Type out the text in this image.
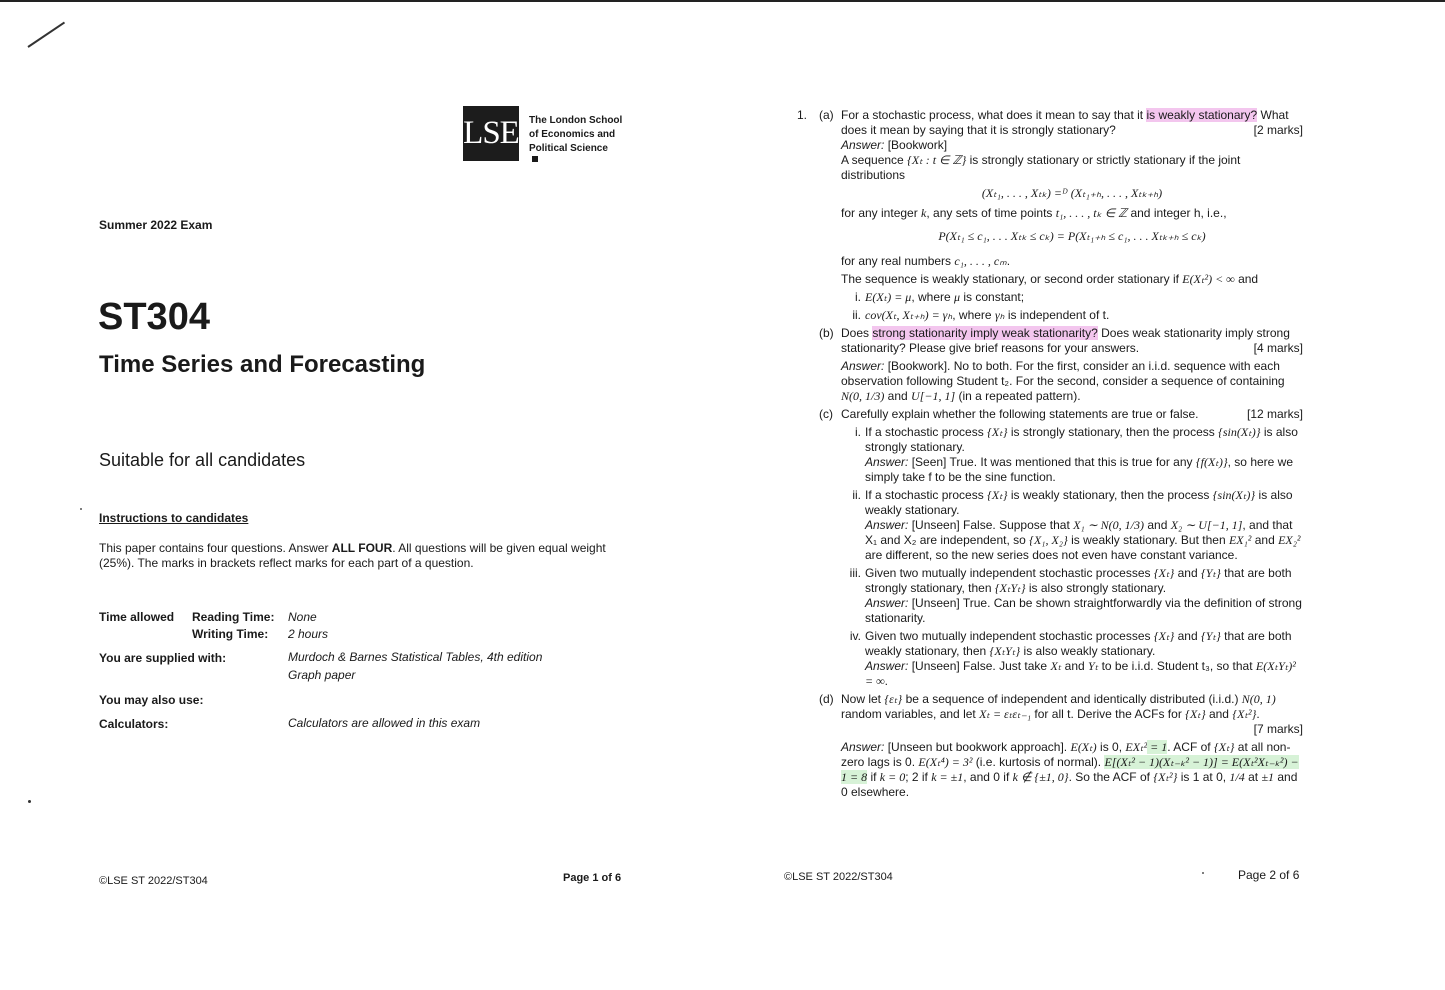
LSE The London School
of Economics and
Political Science
Summer 2022 Exam
ST304
Time Series and Forecasting
Suitable for all candidates
Instructions to candidates
This paper contains four questions. Answer ALL FOUR. All questions will be given equal weight (25%). The marks in brackets reflect marks for each part of a question.
Time allowed Reading Time: None
Writing Time: 2 hours
You are supplied with:	Murdoch & Barnes Statistical Tables, 4th edition
Graph paper
You may also use:
Calculators:	Calculators are allowed in this exam
©LSE ST 2022/ST304	Page 1 of 6
1. (a) For a stochastic process, what does it mean to say that it is weakly stationary? What does it mean by saying that it is strongly stationary?	[2 marks]
Answer: [Bookwork]
A sequence {Xₜ : t ∈ ℤ} is strongly stationary or strictly stationary if the joint distributions
(Xₜ₁, . . . , Xₜₖ) =ᴰ (Xₜ₁₊ₕ, . . . , Xₜₖ₊ₕ)
for any integer k, any sets of time points t₁, . . . , tₖ ∈ ℤ and integer h, i.e.,
P(Xₜ₁ ≤ c₁, . . . Xₜₖ ≤ cₖ) = P(Xₜ₁₊ₕ ≤ c₁, . . . Xₜₖ₊ₕ ≤ cₖ)
for any real numbers c₁, . . . , cₘ.
The sequence is weakly stationary, or second order stationary if E(Xₜ²) < ∞ and
i. E(Xₜ) = μ, where μ is constant;
ii. cov(Xₜ, Xₜ₊ₕ) = γₕ, where γₕ is independent of t.
(b) Does strong stationarity imply weak stationarity? Does weak stationarity imply strong stationarity? Please give brief reasons for your answers.	[4 marks]
Answer: [Bookwork]. No to both. For the first, consider an i.i.d. sequence with each observation following Student t₂. For the second, consider a sequence of containing N(0, 1/3) and U[−1, 1] (in a repeated pattern).
(c) Carefully explain whether the following statements are true or false.	[12 marks]
i. If a stochastic process {Xₜ} is strongly stationary, then the process {sin(Xₜ)} is also strongly stationary.
Answer: [Seen] True. It was mentioned that this is true for any {f(Xₜ)}, so here we simply take f to be the sine function.
ii. If a stochastic process {Xₜ} is weakly stationary, then the process {sin(Xₜ)} is also weakly stationary.
Answer: [Unseen] False. Suppose that X₁ ∼ N(0, 1/3) and X₂ ∼ U[−1, 1], and that X₁ and X₂ are independent, so {X₁, X₂} is weakly stationary. But then EX₁² and EX₂² are different, so the new series does not even have constant variance.
iii. Given two mutually independent stochastic processes {Xₜ} and {Yₜ} that are both strongly stationary, then {XₜYₜ} is also strongly stationary.
Answer: [Unseen] True. Can be shown straightforwardly via the definition of strong stationarity.
iv. Given two mutually independent stochastic processes {Xₜ} and {Yₜ} that are both weakly stationary, then {XₜYₜ} is also weakly stationary.
Answer: [Unseen] False. Just take Xₜ and Yₜ to be i.i.d. Student t₃, so that E(XₜYₜ)² = ∞.
(d) Now let {εₜ} be a sequence of independent and identically distributed (i.i.d.) N(0, 1) random variables, and let Xₜ = εₜεₜ₋₁ for all t. Derive the ACFs for {Xₜ} and {Xₜ²}.
[7 marks]
Answer: [Unseen but bookwork approach]. E(Xₜ) is 0, EXₜ² = 1. ACF of {Xₜ} at all non-zero lags is 0. E(Xₜ⁴) = 3² (i.e. kurtosis of normal). E[(Xₜ² − 1)(Xₜ₋ₖ² − 1)] = E(Xₜ²Xₜ₋ₖ²) − 1 = 8 if k = 0; 2 if k = ±1, and 0 if k ∉ {±1, 0}. So the ACF of {Xₜ²} is 1 at 0, 1/4 at ±1 and 0 elsewhere.
©LSE ST 2022/ST304	Page 2 of 6
